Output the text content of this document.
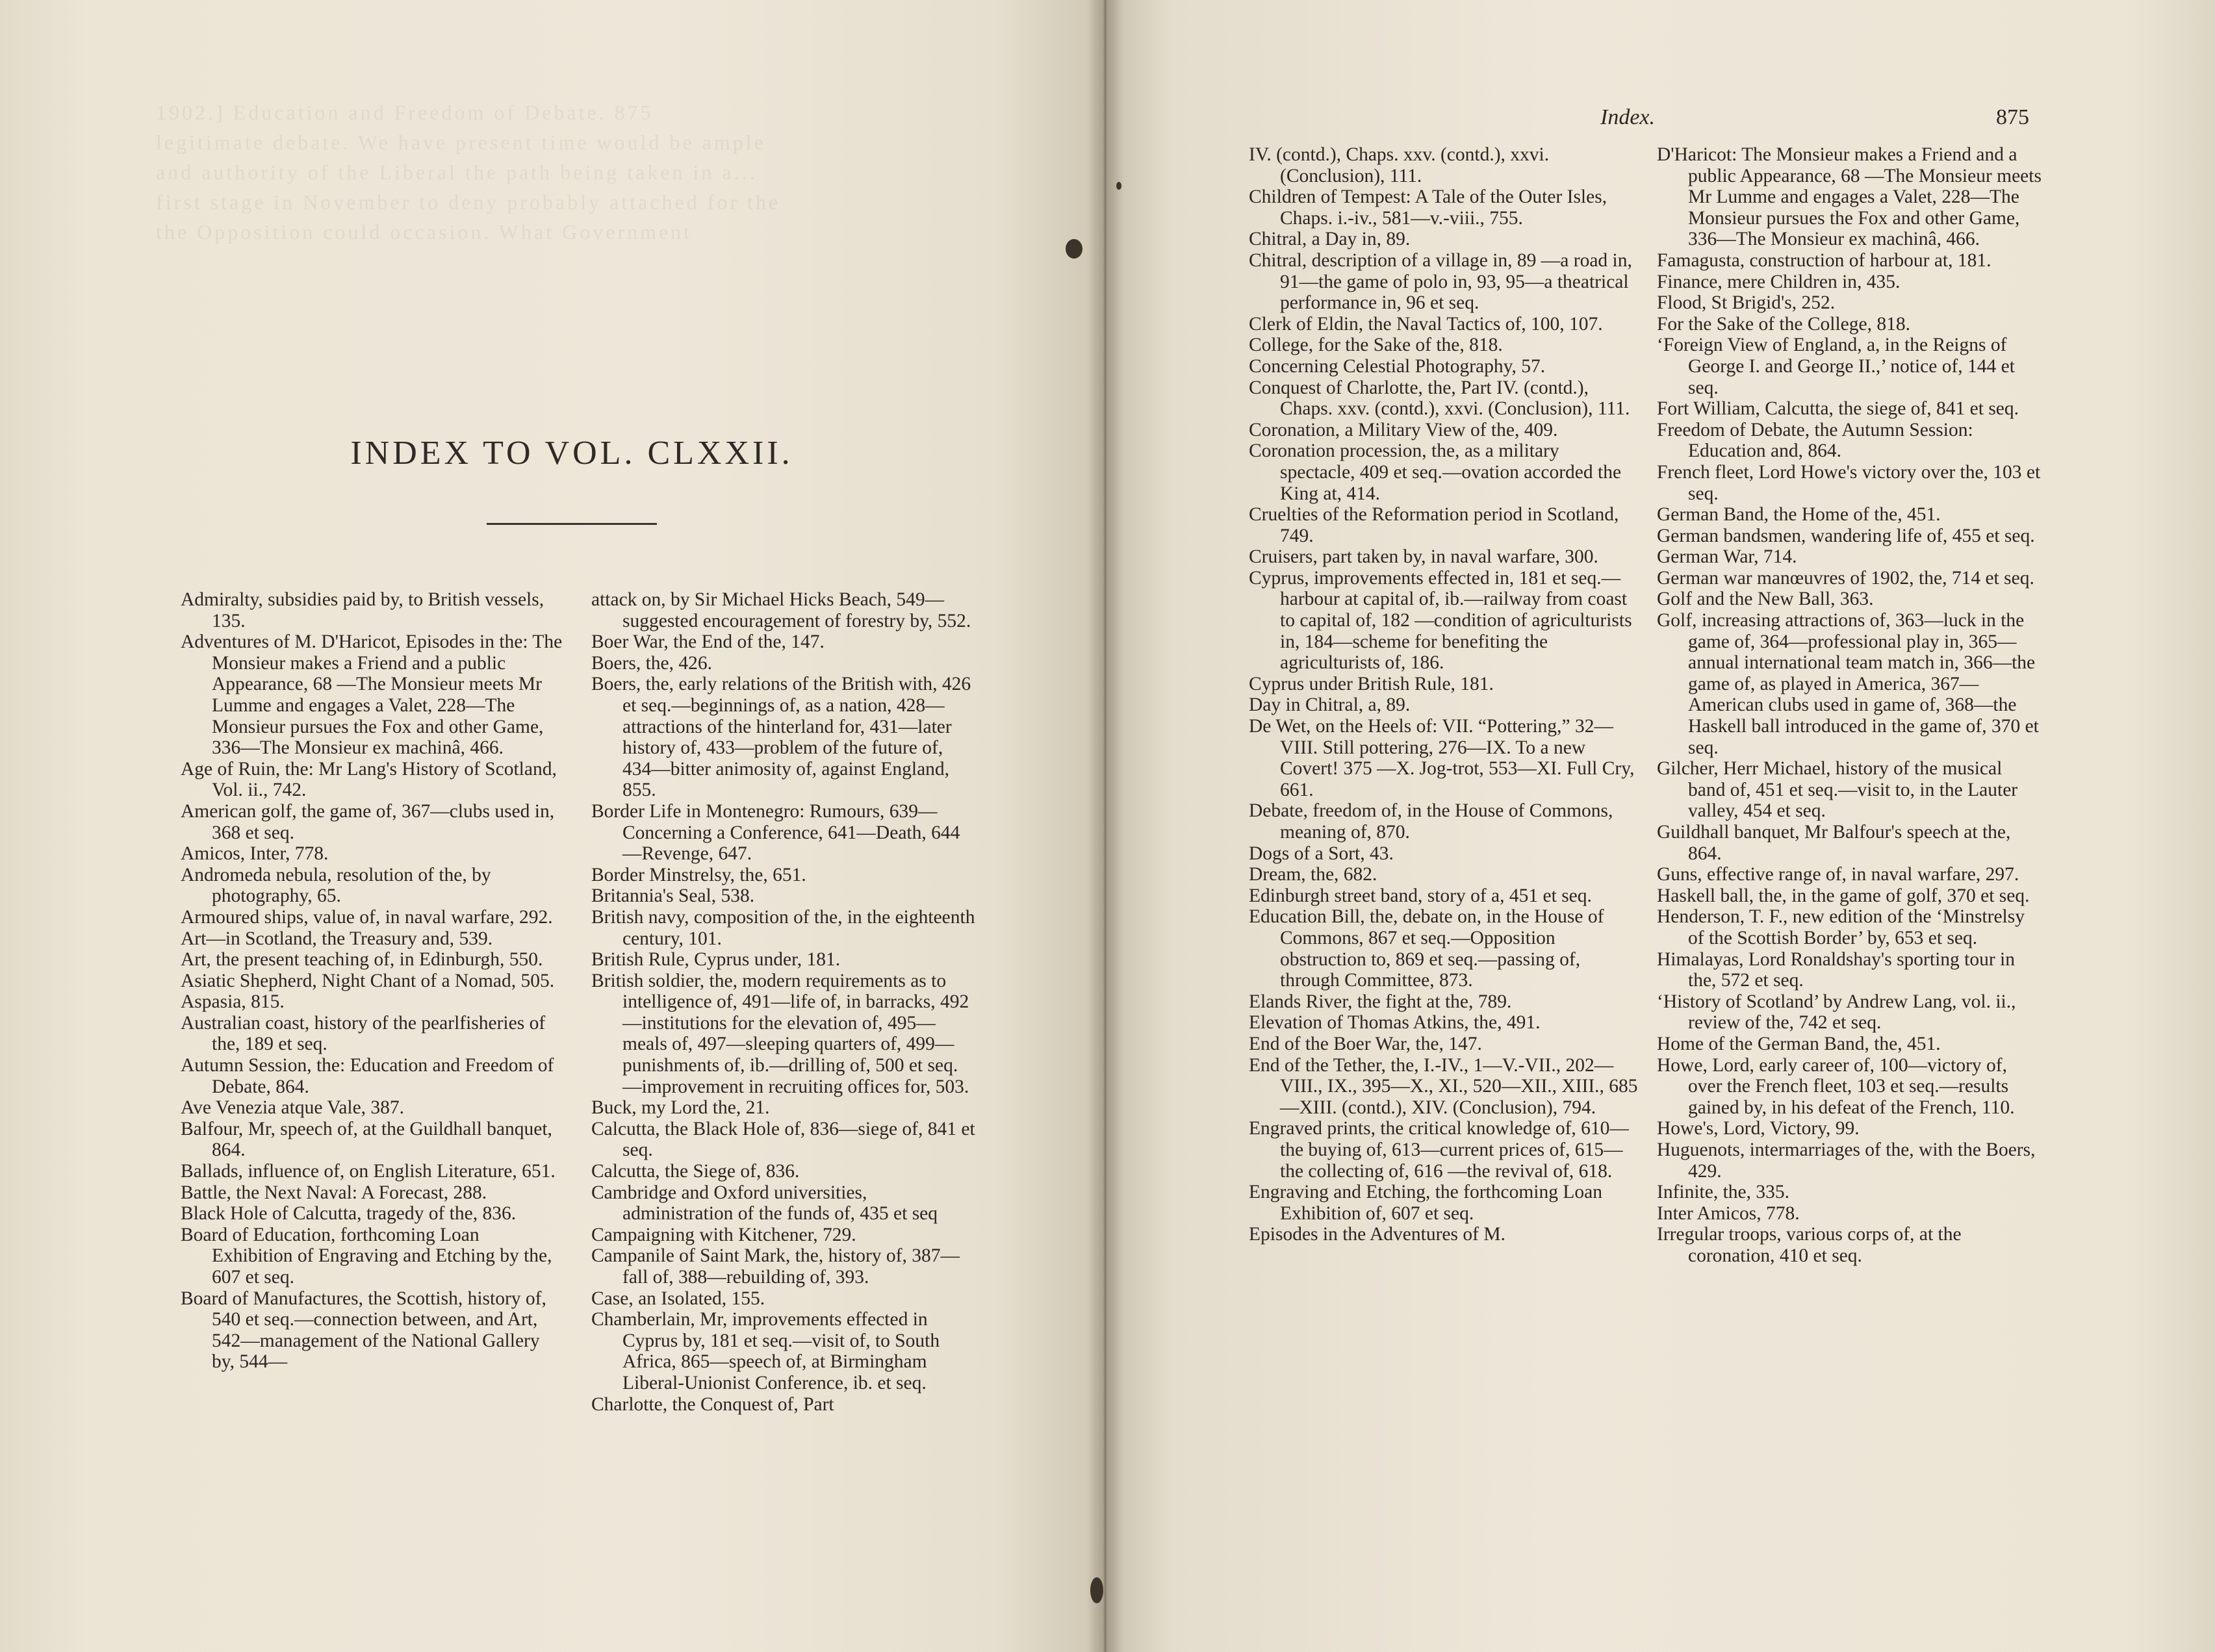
1902.] Education and Freedom of Debate. 875
legitimate debate. We have present time would be ample
and authority of the Liberal the path being taken in a...
first stage in November to deny probably attached for the
the Opposition could occasion. What Government
INDEX TO VOL. CLXXII.

Admiralty, subsidies paid by, to British vessels, 135.

Adventures of M. D'Haricot, Episodes in the: The Monsieur makes a Friend and a public Appearance, 68 —The Monsieur meets Mr Lumme and engages a Valet, 228—The Monsieur pursues the Fox and other Game, 336—The Monsieur ex machinâ, 466.

Age of Ruin, the: Mr Lang's History of Scotland, Vol. ii., 742.

American golf, the game of, 367—clubs used in, 368 et seq.

Amicos, Inter, 778.

Andromeda nebula, resolution of the, by photography, 65.

Armoured ships, value of, in naval warfare, 292.

Art—in Scotland, the Treasury and, 539.

Art, the present teaching of, in Edinburgh, 550.

Asiatic Shepherd, Night Chant of a Nomad, 505.

Aspasia, 815.

Australian coast, history of the pearlfisheries of the, 189 et seq.

Autumn Session, the: Education and Freedom of Debate, 864.

Ave Venezia atque Vale, 387.

Balfour, Mr, speech of, at the Guildhall banquet, 864.

Ballads, influence of, on English Literature, 651.

Battle, the Next Naval: A Forecast, 288.

Black Hole of Calcutta, tragedy of the, 836.

Board of Education, forthcoming Loan Exhibition of Engraving and Etching by the, 607 et seq.

Board of Manufactures, the Scottish, history of, 540 et seq.—connection between, and Art, 542—management of the National Gallery by, 544—

attack on, by Sir Michael Hicks Beach, 549—suggested encouragement of forestry by, 552.

Boer War, the End of the, 147.

Boers, the, 426.

Boers, the, early relations of the British with, 426 et seq.—beginnings of, as a nation, 428—attractions of the hinterland for, 431—later history of, 433—problem of the future of, 434—bitter animosity of, against England, 855.

Border Life in Montenegro: Rumours, 639—Concerning a Conference, 641—Death, 644—Revenge, 647.

Border Minstrelsy, the, 651.

Britannia's Seal, 538.

British navy, composition of the, in the eighteenth century, 101.

British Rule, Cyprus under, 181.

British soldier, the, modern requirements as to intelligence of, 491—life of, in barracks, 492—institutions for the elevation of, 495—meals of, 497—sleeping quarters of, 499—punishments of, ib.—drilling of, 500 et seq.—improvement in recruiting offices for, 503.

Buck, my Lord the, 21.

Calcutta, the Black Hole of, 836—siege of, 841 et seq.

Calcutta, the Siege of, 836.

Cambridge and Oxford universities, administration of the funds of, 435 et seq

Campaigning with Kitchener, 729.

Campanile of Saint Mark, the, history of, 387—fall of, 388—rebuilding of, 393.

Case, an Isolated, 155.

Chamberlain, Mr, improvements effected in Cyprus by, 181 et seq.—visit of, to South Africa, 865—speech of, at Birmingham Liberal-Unionist Conference, ib. et seq.

Charlotte, the Conquest of, Part

IV. (contd.), Chaps. xxv. (contd.), xxvi. (Conclusion), 111.

Children of Tempest: A Tale of the Outer Isles, Chaps. i.-iv., 581—v.-viii., 755.

Chitral, a Day in, 89.

Chitral, description of a village in, 89 —a road in, 91—the game of polo in, 93, 95—a theatrical performance in, 96 et seq.

Clerk of Eldin, the Naval Tactics of, 100, 107.

College, for the Sake of the, 818.

Concerning Celestial Photography, 57.

Conquest of Charlotte, the, Part IV. (contd.), Chaps. xxv. (contd.), xxvi. (Conclusion), 111.

Coronation, a Military View of the, 409.

Coronation procession, the, as a military spectacle, 409 et seq.—ovation accorded the King at, 414.

Cruelties of the Reformation period in Scotland, 749.

Cruisers, part taken by, in naval warfare, 300.

Cyprus, improvements effected in, 181 et seq.—harbour at capital of, ib.—railway from coast to capital of, 182 —condition of agriculturists in, 184—scheme for benefiting the agriculturists of, 186.

Cyprus under British Rule, 181.

Day in Chitral, a, 89.

De Wet, on the Heels of: VII. “Pottering,” 32—VIII. Still pottering, 276—IX. To a new Covert! 375 —X. Jog-trot, 553—XI. Full Cry, 661.

Debate, freedom of, in the House of Commons, meaning of, 870.

Dogs of a Sort, 43.

Dream, the, 682.

Edinburgh street band, story of a, 451 et seq.

Education Bill, the, debate on, in the House of Commons, 867 et seq.—Opposition obstruction to, 869 et seq.—passing of, through Committee, 873.

Elands River, the fight at the, 789.

Elevation of Thomas Atkins, the, 491.

End of the Boer War, the, 147.

End of the Tether, the, I.-IV., 1—V.-VII., 202—VIII., IX., 395—X., XI., 520—XII., XIII., 685—XIII. (contd.), XIV. (Conclusion), 794.

Engraved prints, the critical knowledge of, 610—the buying of, 613—current prices of, 615—the collecting of, 616 —the revival of, 618.

Engraving and Etching, the forthcoming Loan Exhibition of, 607 et seq.

Episodes in the Adventures of M.

D'Haricot: The Monsieur makes a Friend and a public Appearance, 68 —The Monsieur meets Mr Lumme and engages a Valet, 228—The Monsieur pursues the Fox and other Game, 336—The Monsieur ex machinâ, 466.

Famagusta, construction of harbour at, 181.

Finance, mere Children in, 435.

Flood, St Brigid's, 252.

For the Sake of the College, 818.

‘Foreign View of England, a, in the Reigns of George I. and George II.,’ notice of, 144 et seq.

Fort William, Calcutta, the siege of, 841 et seq.

Freedom of Debate, the Autumn Session: Education and, 864.

French fleet, Lord Howe's victory over the, 103 et seq.

German Band, the Home of the, 451.

German bandsmen, wandering life of, 455 et seq.

German War, 714.

German war manœuvres of 1902, the, 714 et seq.

Golf and the New Ball, 363.

Golf, increasing attractions of, 363—luck in the game of, 364—professional play in, 365—annual international team match in, 366—the game of, as played in America, 367—American clubs used in game of, 368—the Haskell ball introduced in the game of, 370 et seq.

Gilcher, Herr Michael, history of the musical band of, 451 et seq.—visit to, in the Lauter valley, 454 et seq.

Guildhall banquet, Mr Balfour's speech at the, 864.

Guns, effective range of, in naval warfare, 297.

Haskell ball, the, in the game of golf, 370 et seq.

Henderson, T. F., new edition of the ‘Minstrelsy of the Scottish Border’ by, 653 et seq.

Himalayas, Lord Ronaldshay's sporting tour in the, 572 et seq.

‘History of Scotland’ by Andrew Lang, vol. ii., review of the, 742 et seq.

Home of the German Band, the, 451.

Howe, Lord, early career of, 100—victory of, over the French fleet, 103 et seq.—results gained by, in his defeat of the French, 110.

Howe's, Lord, Victory, 99.

Huguenots, intermarriages of the, with the Boers, 429.

Infinite, the, 335.

Inter Amicos, 778.

Irregular troops, various corps of, at the coronation, 410 et seq.

Index.	875
